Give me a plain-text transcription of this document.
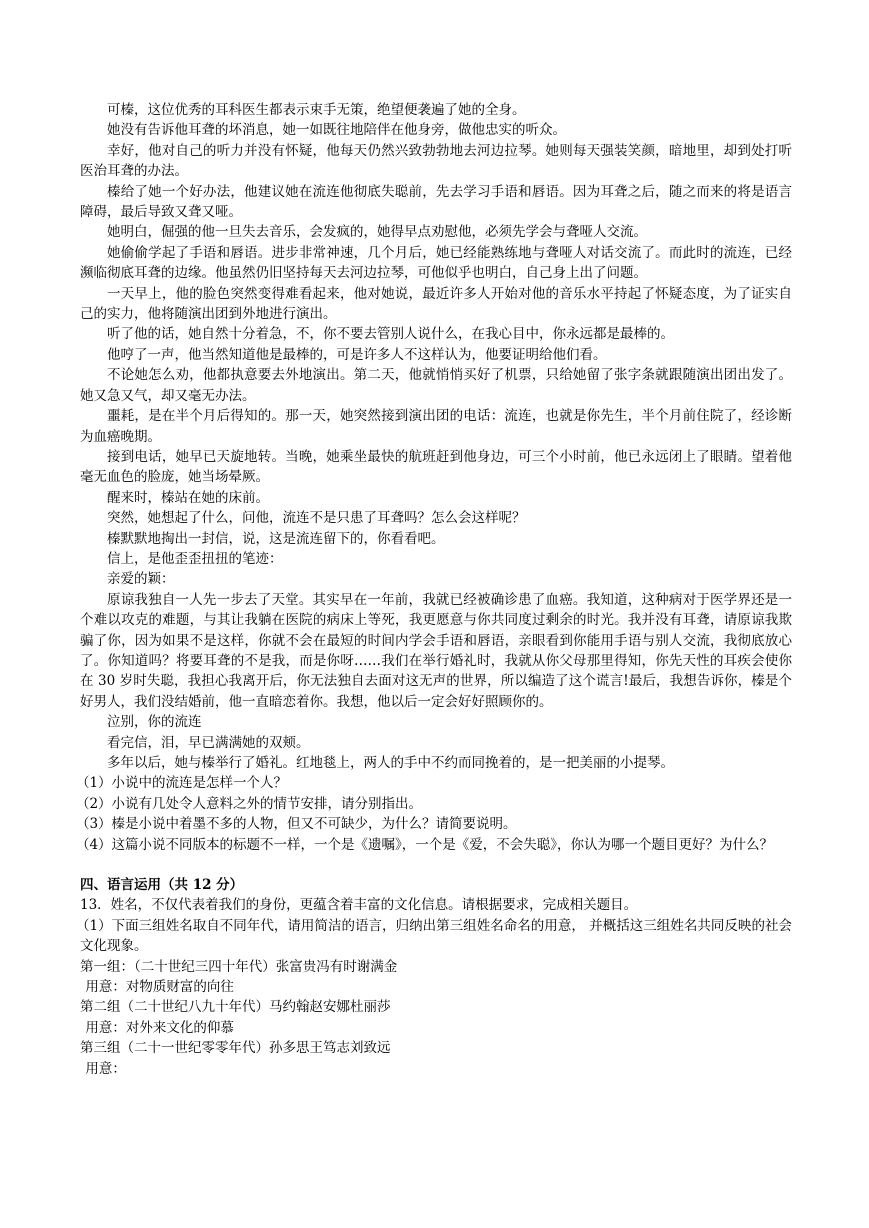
可榛，这位优秀的耳科医生都表示束手无策，绝望便袭遍了她的全身。

她没有告诉他耳聋的坏消息，她一如既往地陪伴在他身旁，做他忠实的听众。

幸好，他对自己的听力并没有怀疑，他每天仍然兴致勃勃地去河边拉琴。她则每天强装笑颜，暗地里，却到处打听医治耳聋的办法。

榛给了她一个好办法，他建议她在流连他彻底失聪前，先去学习手语和唇语。因为耳聋之后，随之而来的将是语言障碍，最后导致又聋又哑。

她明白，倔强的他一旦失去音乐，会发疯的，她得早点劝慰他，必须先学会与聋哑人交流。

她偷偷学起了手语和唇语。进步非常神速，几个月后，她已经能熟练地与聋哑人对话交流了。而此时的流连，已经濒临彻底耳聋的边缘。他虽然仍旧坚持每天去河边拉琴，可他似乎也明白，自己身上出了问题。

一天早上，他的脸色突然变得难看起来，他对她说，最近许多人开始对他的音乐水平持起了怀疑态度，为了证实自己的实力，他将随演出团到外地进行演出。

听了他的话，她自然十分着急，不，你不要去管别人说什么，在我心目中，你永远都是最棒的。

他哼了一声，他当然知道他是最棒的，可是许多人不这样认为，他要证明给他们看。

不论她怎么劝，他都执意要去外地演出。第二天，他就悄悄买好了机票，只给她留了张字条就跟随演出团出发了。她又急又气，却又毫无办法。

噩耗，是在半个月后得知的。那一天，她突然接到演出团的电话：流连，也就是你先生，半个月前住院了，经诊断为血癌晚期。

接到电话，她早已天旋地转。当晚，她乘坐最快的航班赶到他身边，可三个小时前，他已永远闭上了眼睛。望着他毫无血色的脸庞，她当场晕厥。

醒来时，榛站在她的床前。

突然，她想起了什么，问他，流连不是只患了耳聋吗？怎么会这样呢？

榛默默地掏出一封信，说，这是流连留下的，你看看吧。

信上，是他歪歪扭扭的笔迹：

亲爱的颖：

原谅我独自一人先一步去了天堂。其实早在一年前，我就已经被确诊患了血癌。我知道，这种病对于医学界还是一个难以攻克的难题，与其让我躺在医院的病床上等死，我更愿意与你共同度过剩余的时光。我并没有耳聋，请原谅我欺骗了你，因为如果不是这样，你就不会在最短的时间内学会手语和唇语，亲眼看到你能用手语与别人交流，我彻底放心了。你知道吗？将要耳聋的不是我，而是你呀……我们在举行婚礼时，我就从你父母那里得知，你先天性的耳疾会使你在 30 岁时失聪，我担心我离开后，你无法独自去面对这无声的世界，所以编造了这个谎言!最后，我想告诉你，榛是个好男人，我们没结婚前，他一直暗恋着你。我想，他以后一定会好好照顾你的。

泣别，你的流连

看完信，泪，早已满满她的双颊。

多年以后，她与榛举行了婚礼。红地毯上，两人的手中不约而同挽着的，是一把美丽的小提琴。

（1）小说中的流连是怎样一个人？

（2）小说有几处令人意料之外的情节安排，请分别指出。

（3）榛是小说中着墨不多的人物，但又不可缺少，为什么？请简要说明。

（4）这篇小说不同版本的标题不一样，一个是《遗嘱》，一个是《爱，不会失聪》，你认为哪一个题目更好？为什么？

四、语言运用（共 12 分）

13．姓名，不仅代表着我们的身份，更蕴含着丰富的文化信息。请根据要求，完成相关题目。

（1）下面三组姓名取自不同年代，请用简洁的语言，归纳出第三组姓名命名的用意， 并概括这三组姓名共同反映的社会文化现象。

第一组：（二十世纪三四十年代）张富贵冯有时谢满金

用意：对物质财富的向往

第二组（二十世纪八九十年代）马约翰赵安娜杜丽莎

用意：对外来文化的仰慕

第三组（二十一世纪零零年代）孙多思王笃志刘致远

用意：
